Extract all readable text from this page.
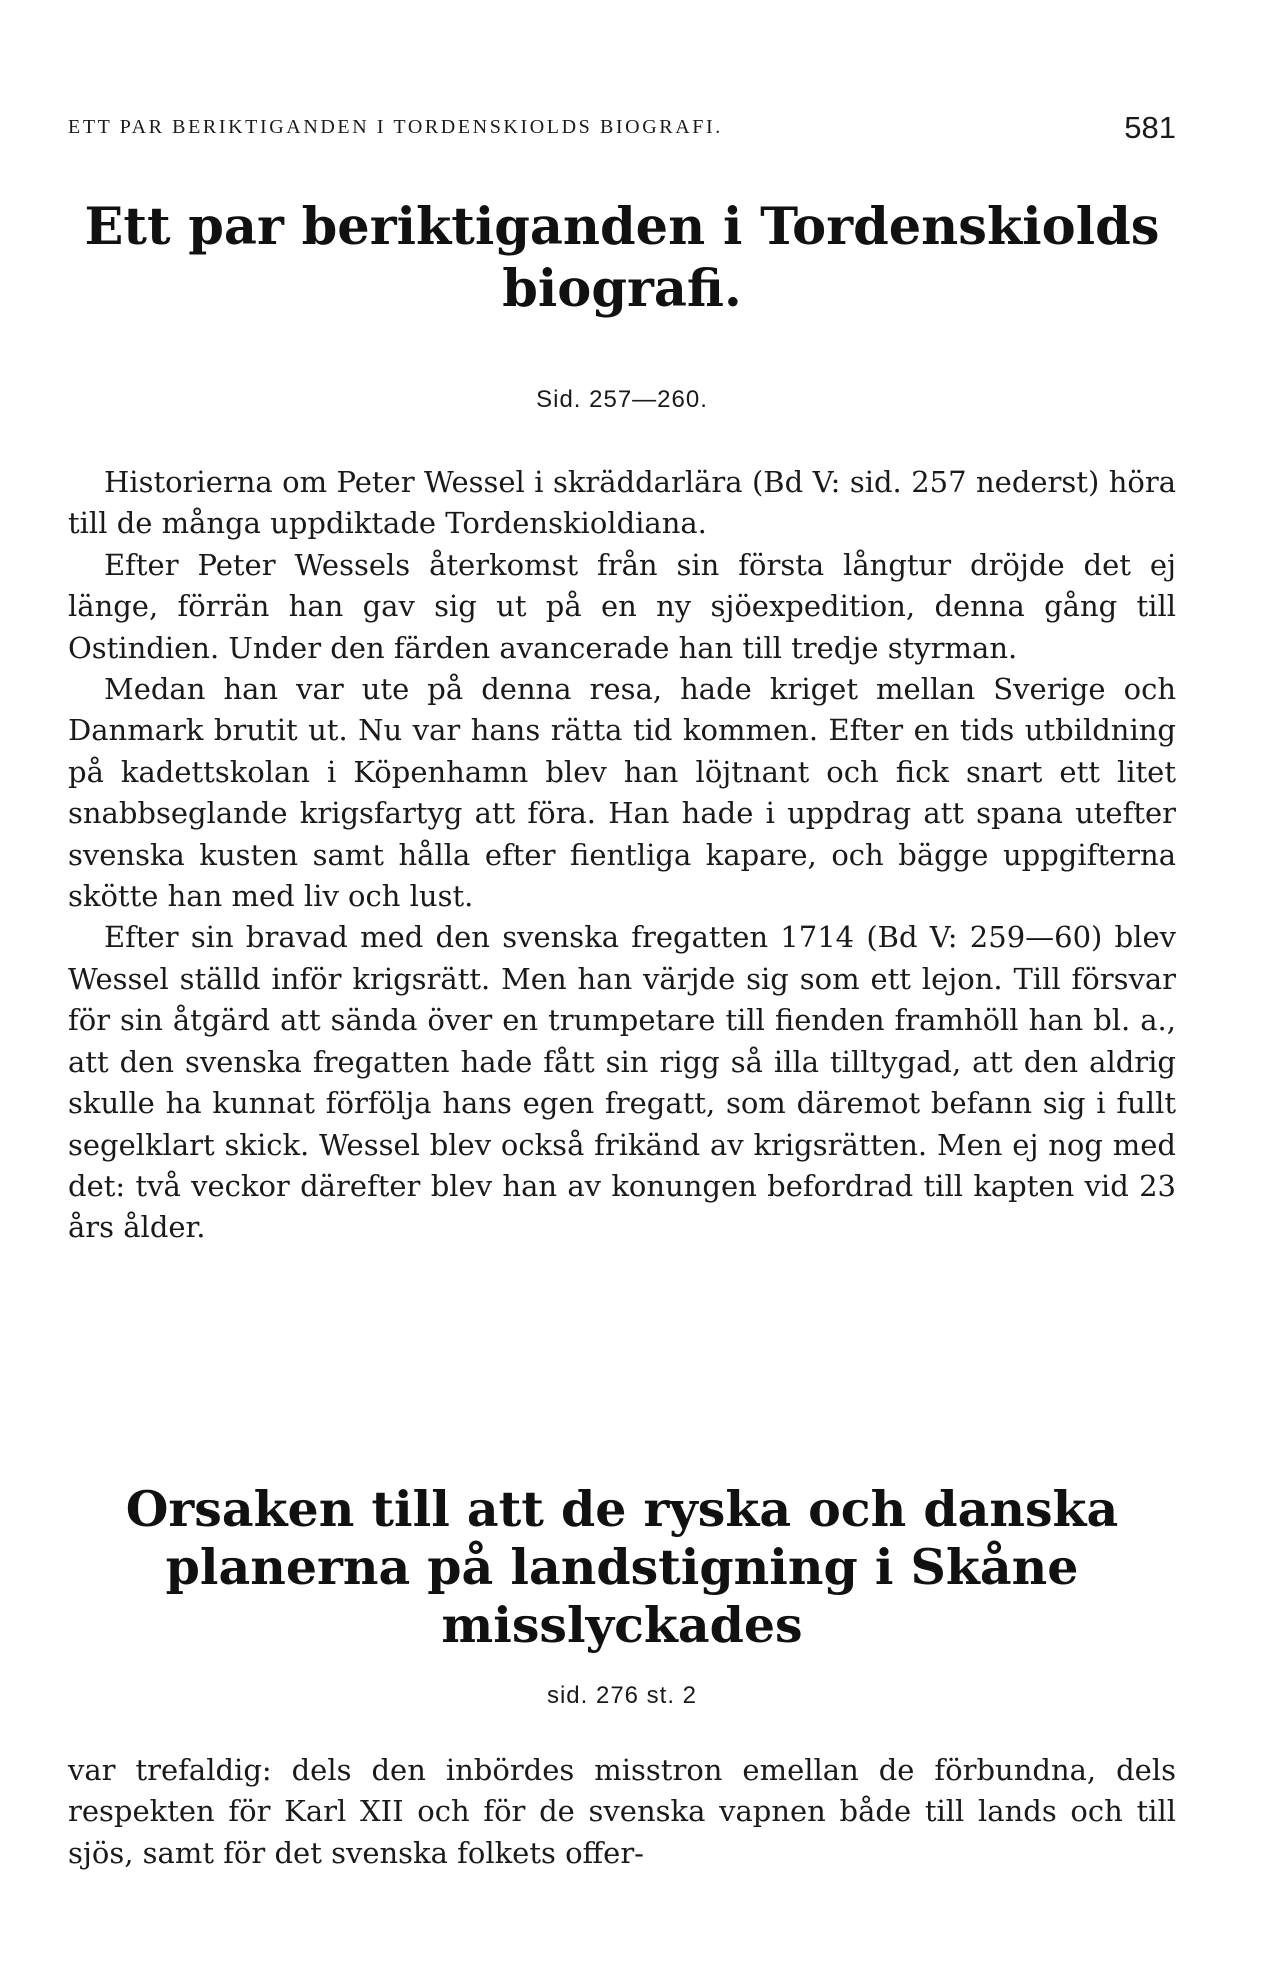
ETT PAR BERIKTIGANDEN I TORDENSKIOLDS BIOGRAFI.	581
Ett par beriktiganden i Tordenskiolds
biografi.

Sid. 257—260.

Historierna om Peter Wessel i skräddarlära (Bd V: sid. 257 nederst) höra till de många uppdiktade Tordenskioldiana.

Efter Peter Wessels återkomst från sin första långtur dröjde det ej länge, förrän han gav sig ut på en ny sjöexpedition, denna gång till Ostindien. Under den färden avancerade han till tredje styrman.

Medan han var ute på denna resa, hade kriget mellan Sverige och Danmark brutit ut. Nu var hans rätta tid kommen. Efter en tids utbildning på kadettskolan i Köpenhamn blev han löjtnant och fick snart ett litet snabbseglande krigsfartyg att föra. Han hade i uppdrag att spana utefter svenska kusten samt hålla efter fientliga kapare, och bägge uppgifterna skötte han med liv och lust.

Efter sin bravad med den svenska fregatten 1714 (Bd V: 259—60) blev Wessel ställd inför krigsrätt. Men han värjde sig som ett lejon. Till försvar för sin åtgärd att sända över en trumpetare till fienden framhöll han bl. a., att den svenska fregatten hade fått sin rigg så illa tilltygad, att den aldrig skulle ha kunnat förfölja hans egen fregatt, som däremot befann sig i fullt segelklart skick. Wessel blev också frikänd av krigsrätten. Men ej nog med det: två veckor därefter blev han av konungen befordrad till kapten vid 23 års ålder.

Orsaken till att de ryska och danska
planerna på landstigning i Skåne
misslyckades

sid. 276 st. 2

var trefaldig: dels den inbördes misstron emellan de förbundna, dels respekten för Karl XII och för de svenska vapnen både till lands och till sjös, samt för det svenska folkets offer-
